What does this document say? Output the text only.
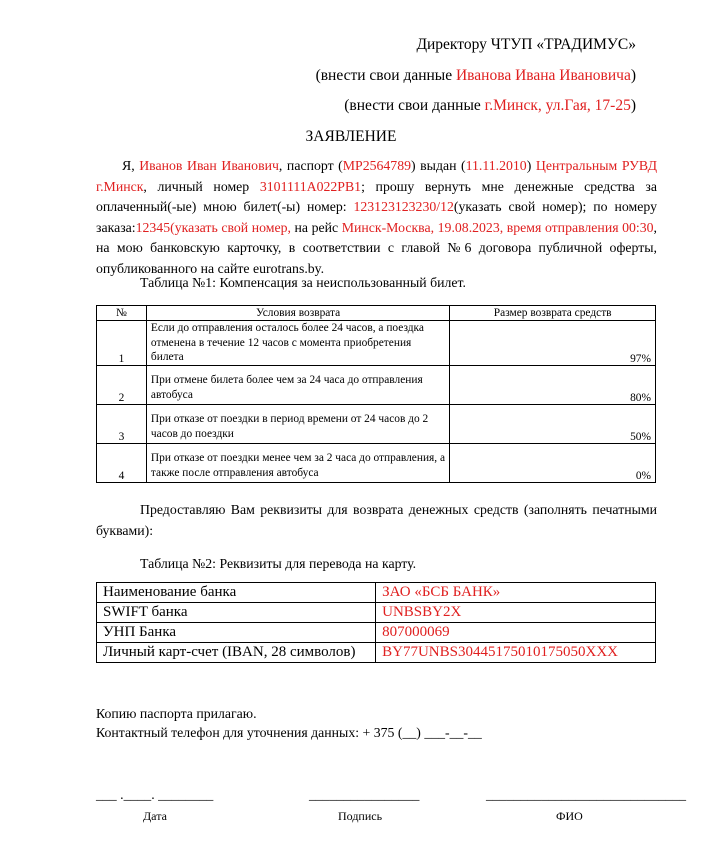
Директору ЧТУП «ТРАДИМУС»
(внести свои данные Иванова Ивана Ивановича)
(внести свои данные г.Минск, ул.Гая, 17-25)
ЗАЯВЛЕНИЕ
Я, Иванов Иван Иванович, паспорт (МР2564789) выдан (11.11.2010) Центральным РУВД г.Минск, личный номер 3101111А022РВ1; прошу вернуть мне денежные средства за оплаченный(-ые) мною билет(-ы) номер: 123123123230/12(указать свой номер); по номеру заказа:12345(указать свой номер, на рейс Минск-Москва, 19.08.2023, время отправления 00:30, на мою банковскую карточку, в соответствии с главой №6 договора публичной оферты, опубликованного на сайте eurotrans.by.
Таблица №1: Компенсация за неиспользованный билет.
№	Условия возврата	Размер возврата средств
1	Если до отправления осталось более 24 часов, а поездка отменена в течение 12 часов с момента приобретения билета	97%
2	При отмене билета более чем за 24 часа до отправления автобуса	80%
3	При отказе от поездки в период времени от 24 часов до 2 часов до поездки	50%
4	При отказе от поездки менее чем за 2 часа до отправления, а также после отправления автобуса	0%
Предоставляю Вам реквизиты для возврата денежных средств (заполнять печатными буквами):
Таблица №2: Реквизиты для перевода на карту.
Наименование банка	ЗАО «БСБ БАНК»
SWIFT банка	UNBSBY2X
УНП Банка	807000069
Личный карт-счет (IBAN, 28 символов)	BY77UNBS30445175010175050XXX
Копию паспорта прилагаю.
Контактный телефон для уточнения данных: + 375 (__) ___-__-__
___ .____. ________	________________	_____________________________
Дата	Подпись	ФИО
